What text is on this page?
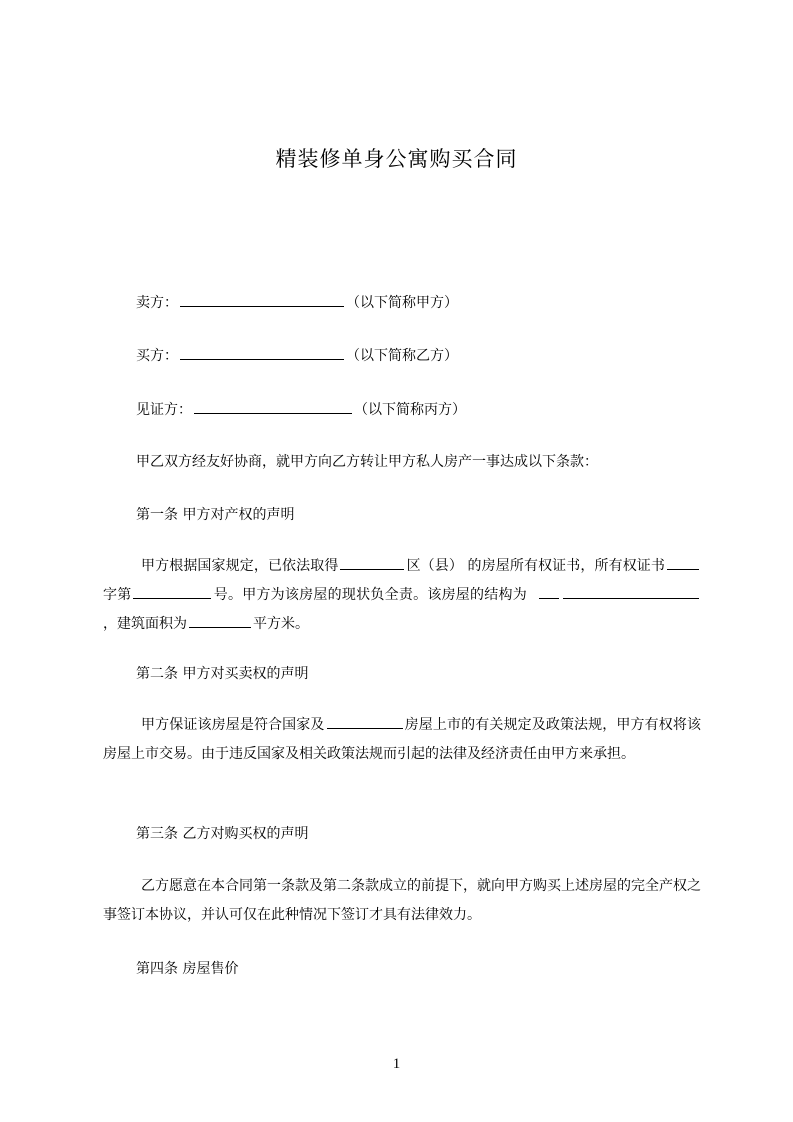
精装修单身公寓购买合同
卖方：	（以下简称甲方）
买方：	（以下简称乙方）
见证方：	（以下简称丙方）
甲乙双方经友好协商，就甲方向乙方转让甲方私人房产一事达成以下条款：
第一条 甲方对产权的声明
甲方根据国家规定，已依法取得	区（县） 的房屋所有权证书，所有权证书字第	号。甲方为该房屋的现状负全责。该房屋的结构为，建筑面积为	平方米。
第二条 甲方对买卖权的声明
甲方保证该房屋是符合国家及	房屋上市的有关规定及政策法规，甲方有权将该房屋上市交易。由于违反国家及相关政策法规而引起的法律及经济责任由甲方来承担。
第三条 乙方对购买权的声明
乙方愿意在本合同第一条款及第二条款成立的前提下，就向甲方购买上述房屋的完全产权之事签订本协议，并认可仅在此种情况下签订才具有法律效力。
第四条 房屋售价
1
